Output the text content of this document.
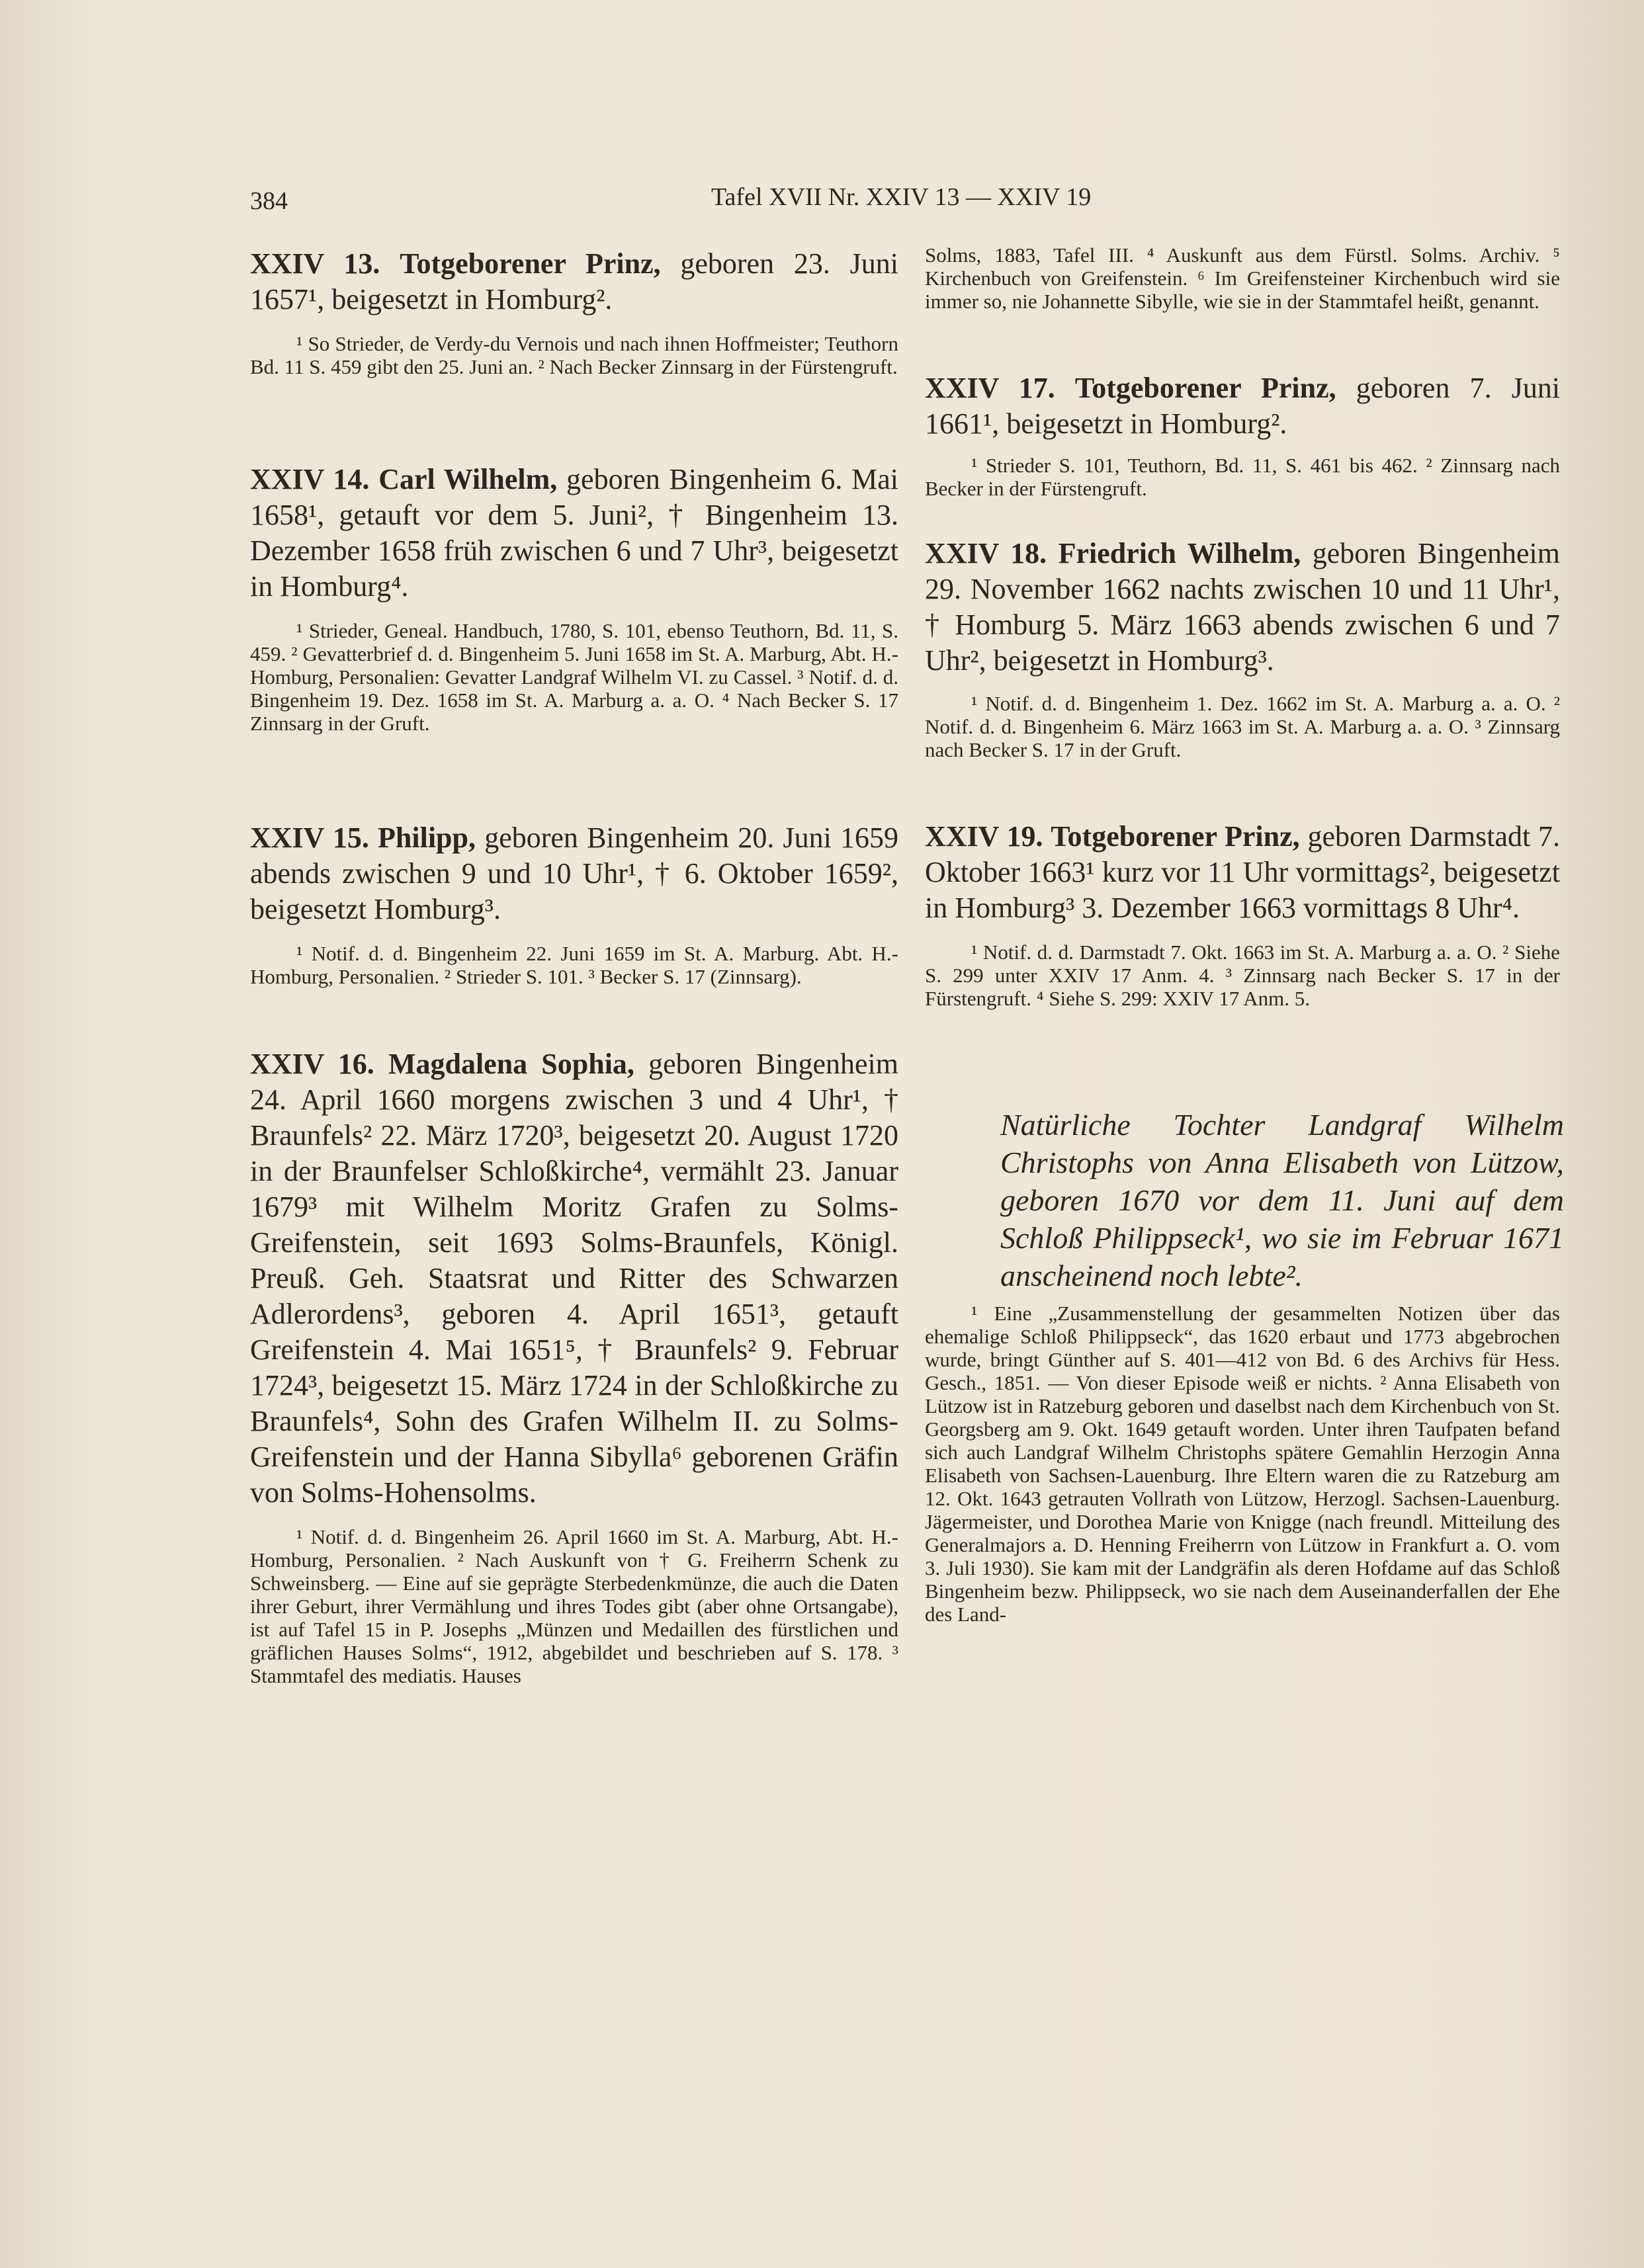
384	Tafel XVII Nr. XXIV 13 — XXIV 19
XXIV 13. Totgeborener Prinz, geboren 23. Juni 1657¹, beigesetzt in Homburg².

¹ So Strieder, de Verdy-du Vernois und nach ihnen Hoffmeister; Teuthorn Bd. 11 S. 459 gibt den 25. Juni an. ² Nach Becker Zinnsarg in der Fürstengruft.

XXIV 14. Carl Wilhelm, geboren Bingenheim 6. Mai 1658¹, getauft vor dem 5. Juni², † Bingenheim 13. Dezember 1658 früh zwischen 6 und 7 Uhr³, beigesetzt in Homburg⁴.

¹ Strieder, Geneal. Handbuch, 1780, S. 101, ebenso Teuthorn, Bd. 11, S. 459. ² Gevatterbrief d. d. Bingenheim 5. Juni 1658 im St. A. Marburg, Abt. H.-Homburg, Personalien: Gevatter Landgraf Wilhelm VI. zu Cassel. ³ Notif. d. d. Bingenheim 19. Dez. 1658 im St. A. Marburg a. a. O. ⁴ Nach Becker S. 17 Zinnsarg in der Gruft.

XXIV 15. Philipp, geboren Bingenheim 20. Juni 1659 abends zwischen 9 und 10 Uhr¹, † 6. Oktober 1659², beigesetzt Homburg³.

¹ Notif. d. d. Bingenheim 22. Juni 1659 im St. A. Marburg. Abt. H.-Homburg, Personalien. ² Strieder S. 101. ³ Becker S. 17 (Zinnsarg).

XXIV 16. Magdalena Sophia, geboren Bingenheim 24. April 1660 morgens zwischen 3 und 4 Uhr¹, † Braunfels² 22. März 1720³, beigesetzt 20. August 1720 in der Braunfelser Schloßkirche⁴, vermählt 23. Januar 1679³ mit Wilhelm Moritz Grafen zu Solms-Greifenstein, seit 1693 Solms-Braunfels, Königl. Preuß. Geh. Staatsrat und Ritter des Schwarzen Adlerordens³, geboren 4. April 1651³, getauft Greifenstein 4. Mai 1651⁵, † Braunfels² 9. Februar 1724³, beigesetzt 15. März 1724 in der Schloßkirche zu Braunfels⁴, Sohn des Grafen Wilhelm II. zu Solms-Greifenstein und der Hanna Sibylla⁶ geborenen Gräfin von Solms-Hohensolms.

¹ Notif. d. d. Bingenheim 26. April 1660 im St. A. Marburg, Abt. H.-Homburg, Personalien. ² Nach Auskunft von † G. Freiherrn Schenk zu Schweinsberg. — Eine auf sie geprägte Sterbedenkmünze, die auch die Daten ihrer Geburt, ihrer Vermählung und ihres Todes gibt (aber ohne Ortsangabe), ist auf Tafel 15 in P. Josephs „Münzen und Medaillen des fürstlichen und gräflichen Hauses Solms“, 1912, abgebildet und beschrieben auf S. 178. ³ Stammtafel des mediatis. Hauses

Solms, 1883, Tafel III. ⁴ Auskunft aus dem Fürstl. Solms. Archiv. ⁵ Kirchenbuch von Greifenstein. ⁶ Im Greifensteiner Kirchenbuch wird sie immer so, nie Johannette Sibylle, wie sie in der Stammtafel heißt, genannt.

XXIV 17. Totgeborener Prinz, geboren 7. Juni 1661¹, beigesetzt in Homburg².

¹ Strieder S. 101, Teuthorn, Bd. 11, S. 461 bis 462. ² Zinnsarg nach Becker in der Fürstengruft.

XXIV 18. Friedrich Wilhelm, geboren Bingenheim 29. November 1662 nachts zwischen 10 und 11 Uhr¹, † Homburg 5. März 1663 abends zwischen 6 und 7 Uhr², beigesetzt in Homburg³.

¹ Notif. d. d. Bingenheim 1. Dez. 1662 im St. A. Marburg a. a. O. ² Notif. d. d. Bingenheim 6. März 1663 im St. A. Marburg a. a. O. ³ Zinnsarg nach Becker S. 17 in der Gruft.

XXIV 19. Totgeborener Prinz, geboren Darmstadt 7. Oktober 1663¹ kurz vor 11 Uhr vormittags², beigesetzt in Homburg³ 3. Dezember 1663 vormittags 8 Uhr⁴.

¹ Notif. d. d. Darmstadt 7. Okt. 1663 im St. A. Marburg a. a. O. ² Siehe S. 299 unter XXIV 17 Anm. 4. ³ Zinnsarg nach Becker S. 17 in der Fürstengruft. ⁴ Siehe S. 299: XXIV 17 Anm. 5.

Natürliche Tochter Landgraf Wilhelm Christophs von Anna Elisabeth von Lützow, geboren 1670 vor dem 11. Juni auf dem Schloß Philippseck¹, wo sie im Februar 1671 anscheinend noch lebte².

¹ Eine „Zusammenstellung der gesammelten Notizen über das ehemalige Schloß Philippseck“, das 1620 erbaut und 1773 abgebrochen wurde, bringt Günther auf S. 401—412 von Bd. 6 des Archivs für Hess. Gesch., 1851. — Von dieser Episode weiß er nichts. ² Anna Elisabeth von Lützow ist in Ratzeburg geboren und daselbst nach dem Kirchenbuch von St. Georgsberg am 9. Okt. 1649 getauft worden. Unter ihren Taufpaten befand sich auch Landgraf Wilhelm Christophs spätere Gemahlin Herzogin Anna Elisabeth von Sachsen-Lauenburg. Ihre Eltern waren die zu Ratzeburg am 12. Okt. 1643 getrauten Vollrath von Lützow, Herzogl. Sachsen-Lauenburg. Jägermeister, und Dorothea Marie von Knigge (nach freundl. Mitteilung des Generalmajors a. D. Henning Freiherrn von Lützow in Frankfurt a. O. vom 3. Juli 1930). Sie kam mit der Landgräfin als deren Hofdame auf das Schloß Bingenheim bezw. Philippseck, wo sie nach dem Auseinanderfallen der Ehe des Land-
